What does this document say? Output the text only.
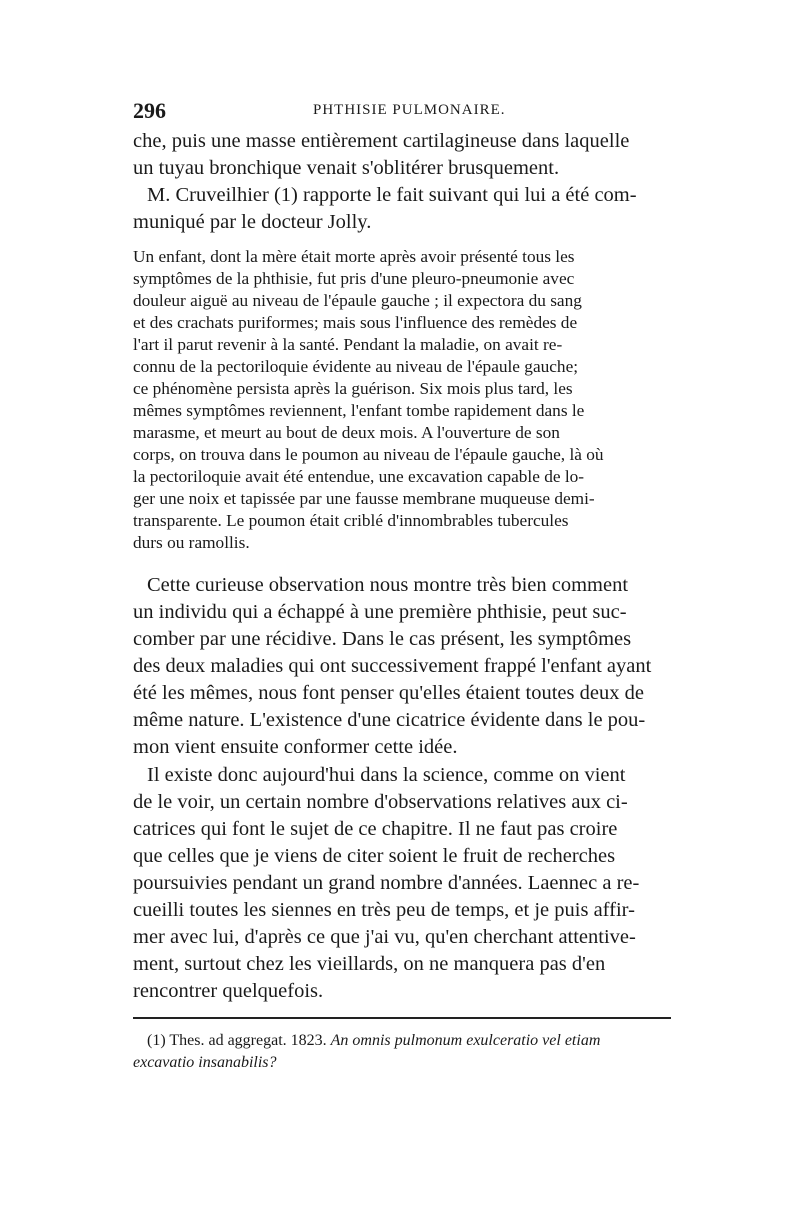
296	PHTHISIE PULMONAIRE.

che, puis une masse entièrement cartilagineuse dans laquelle
un tuyau bronchique venait s'oblitérer brusquement.

M. Cruveilhier (1) rapporte le fait suivant qui lui a été com-
muniqué par le docteur Jolly.

Un enfant, dont la mère était morte après avoir présenté tous les
symptômes de la phthisie, fut pris d'une pleuro-pneumonie avec
douleur aiguë au niveau de l'épaule gauche ; il expectora du sang
et des crachats puriformes; mais sous l'influence des remèdes de
l'art il parut revenir à la santé. Pendant la maladie, on avait re-
connu de la pectoriloquie évidente au niveau de l'épaule gauche;
ce phénomène persista après la guérison. Six mois plus tard, les
mêmes symptômes reviennent, l'enfant tombe rapidement dans le
marasme, et meurt au bout de deux mois. A l'ouverture de son
corps, on trouva dans le poumon au niveau de l'épaule gauche, là où
la pectoriloquie avait été entendue, une excavation capable de lo-
ger une noix et tapissée par une fausse membrane muqueuse demi-
transparente. Le poumon était criblé d'innombrables tubercules
durs ou ramollis.

Cette curieuse observation nous montre très bien comment
un individu qui a échappé à une première phthisie, peut suc-
comber par une récidive. Dans le cas présent, les symptômes
des deux maladies qui ont successivement frappé l'enfant ayant
été les mêmes, nous font penser qu'elles étaient toutes deux de
même nature. L'existence d'une cicatrice évidente dans le pou-
mon vient ensuite conformer cette idée.

Il existe donc aujourd'hui dans la science, comme on vient
de le voir, un certain nombre d'observations relatives aux ci-
catrices qui font le sujet de ce chapitre. Il ne faut pas croire
que celles que je viens de citer soient le fruit de recherches
poursuivies pendant un grand nombre d'années. Laennec a re-
cueilli toutes les siennes en très peu de temps, et je puis affir-
mer avec lui, d'après ce que j'ai vu, qu'en cherchant attentive-
ment, surtout chez les vieillards, on ne manquera pas d'en
rencontrer quelquefois.

(1) Thes. ad aggregat. 1823. An omnis pulmonum exulceratio vel etiam
excavatio insanabilis?
